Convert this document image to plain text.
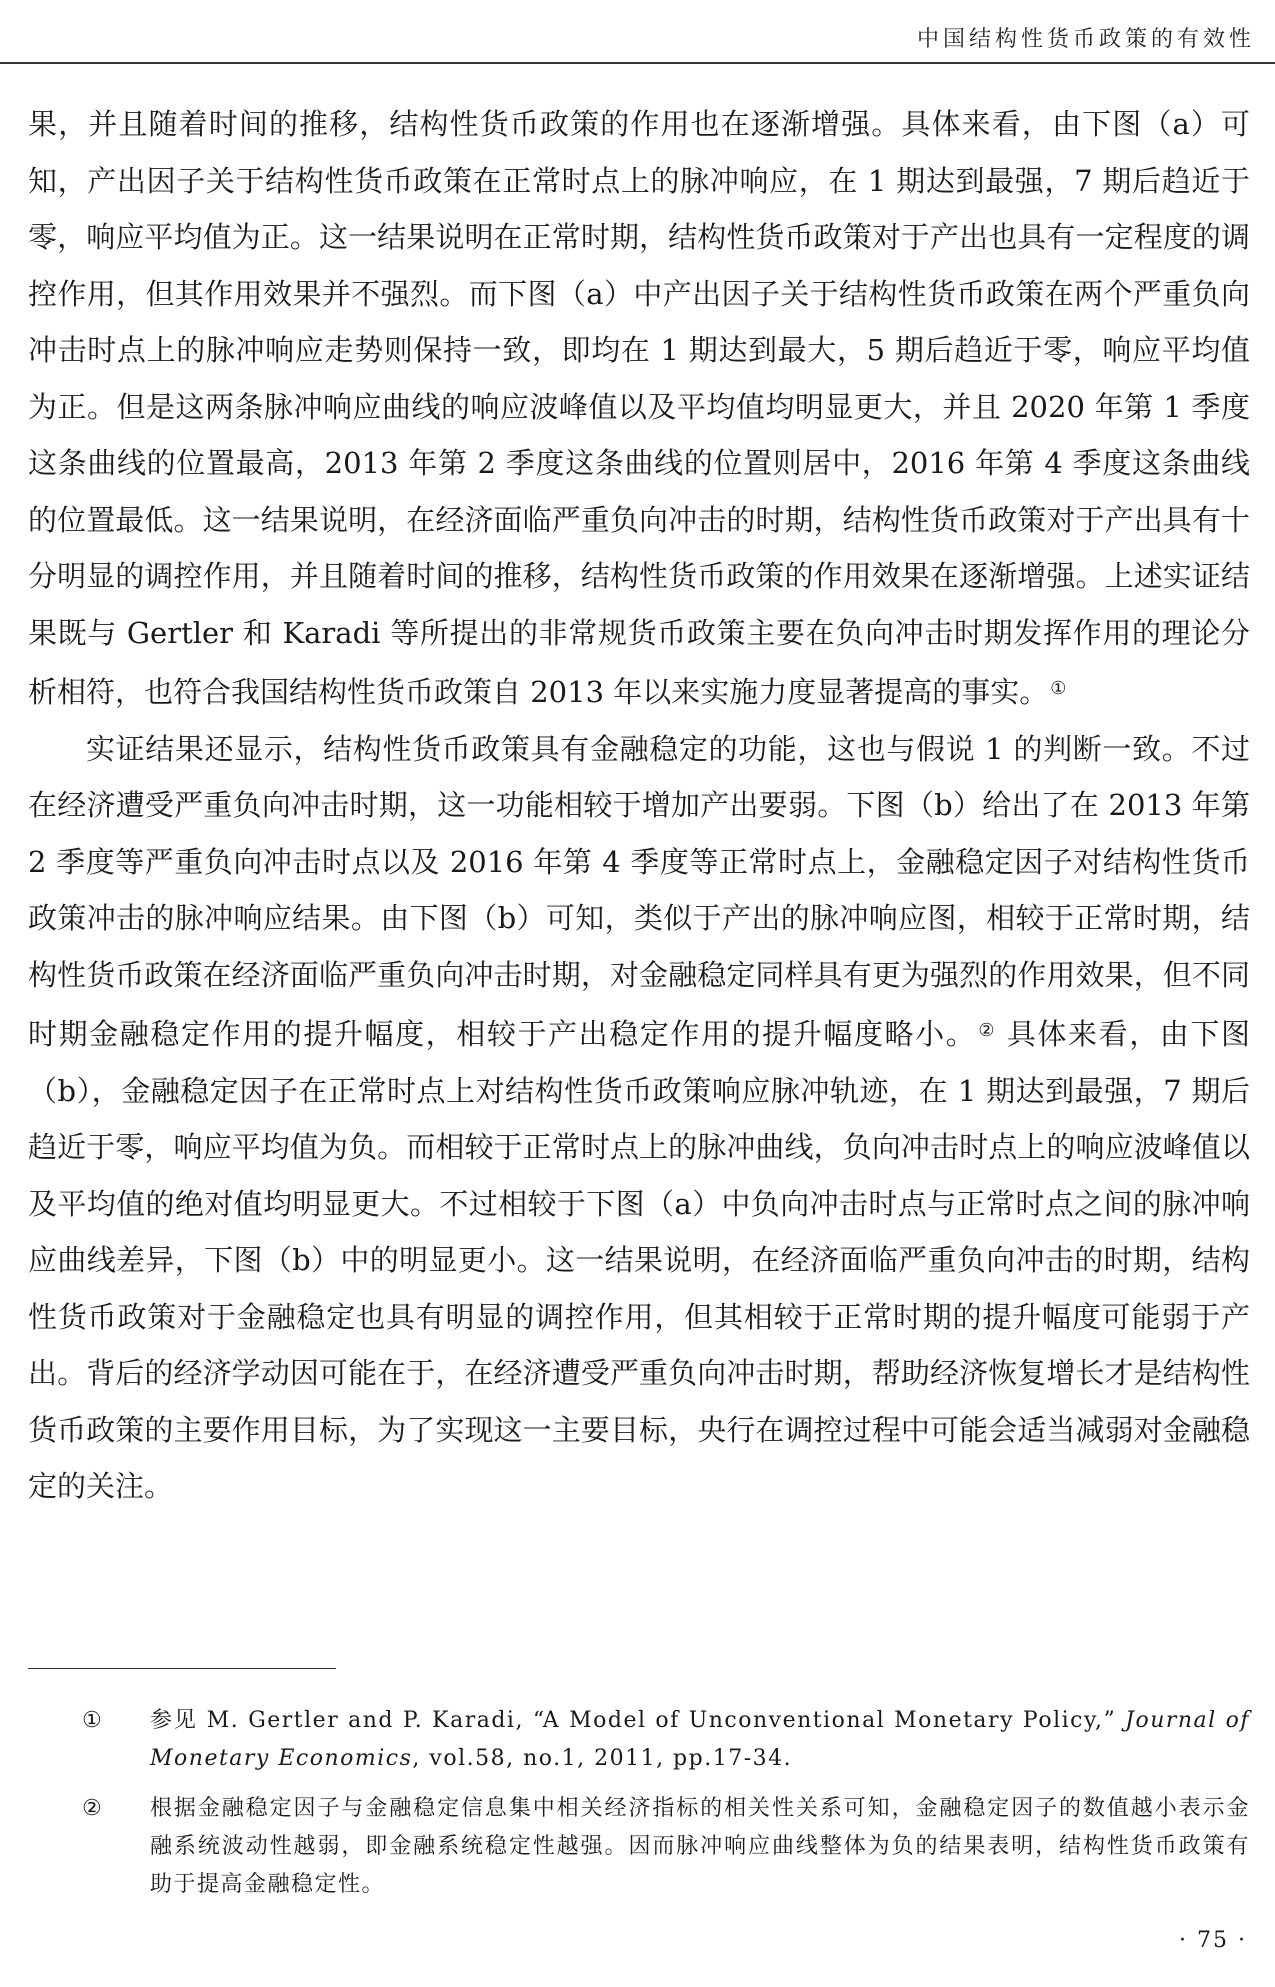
中国结构性货币政策的有效性

果，并且随着时间的推移，结构性货币政策的作用也在逐渐增强。具体来看，由下图（a）可知，产出因子关于结构性货币政策在正常时点上的脉冲响应，在 1 期达到最强，7 期后趋近于零，响应平均值为正。这一结果说明在正常时期，结构性货币政策对于产出也具有一定程度的调控作用，但其作用效果并不强烈。而下图（a）中产出因子关于结构性货币政策在两个严重负向冲击时点上的脉冲响应走势则保持一致，即均在 1 期达到最大，5 期后趋近于零，响应平均值为正。但是这两条脉冲响应曲线的响应波峰值以及平均值均明显更大，并且 2020 年第 1 季度这条曲线的位置最高，2013 年第 2 季度这条曲线的位置则居中，2016 年第 4 季度这条曲线的位置最低。这一结果说明，在经济面临严重负向冲击的时期，结构性货币政策对于产出具有十分明显的调控作用，并且随着时间的推移，结构性货币政策的作用效果在逐渐增强。上述实证结果既与 Gertler 和 Karadi 等所提出的非常规货币政策主要在负向冲击时期发挥作用的理论分析相符，也符合我国结构性货币政策自 2013 年以来实施力度显著提高的事实。 ①

实证结果还显示，结构性货币政策具有金融稳定的功能，这也与假说 1 的判断一致。不过在经济遭受严重负向冲击时期，这一功能相较于增加产出要弱。下图（b）给出了在 2013 年第 2 季度等严重负向冲击时点以及 2016 年第 4 季度等正常时点上，金融稳定因子对结构性货币政策冲击的脉冲响应结果。由下图（b）可知，类似于产出的脉冲响应图，相较于正常时期，结构性货币政策在经济面临严重负向冲击时期，对金融稳定同样具有更为强烈的作用效果，但不同时期金融稳定作用的提升幅度，相较于产出稳定作用的提升幅度略小。 ② 具体来看，由下图（b），金融稳定因子在正常时点上对结构性货币政策响应脉冲轨迹，在 1 期达到最强，7 期后趋近于零，响应平均值为负。而相较于正常时点上的脉冲曲线，负向冲击时点上的响应波峰值以及平均值的绝对值均明显更大。不过相较于下图（a）中负向冲击时点与正常时点之间的脉冲响应曲线差异，下图（b）中的明显更小。这一结果说明，在经济面临严重负向冲击的时期，结构性货币政策对于金融稳定也具有明显的调控作用，但其相较于正常时期的提升幅度可能弱于产出。背后的经济学动因可能在于，在经济遭受严重负向冲击时期，帮助经济恢复增长才是结构性货币政策的主要作用目标，为了实现这一主要目标，央行在调控过程中可能会适当减弱对金融稳定的关注。

①	参见 M. Gertler and P. Karadi, “A Model of Unconventional Monetary Policy,” Journal of Monetary Economics, vol.58, no.1, 2011, pp.17-34.
②	根据金融稳定因子与金融稳定信息集中相关经济指标的相关性关系可知，金融稳定因子的数值越小表示金融系统波动性越弱，即金融系统稳定性越强。因而脉冲响应曲线整体为负的结果表明，结构性货币政策有助于提高金融稳定性。
· 75 ·
